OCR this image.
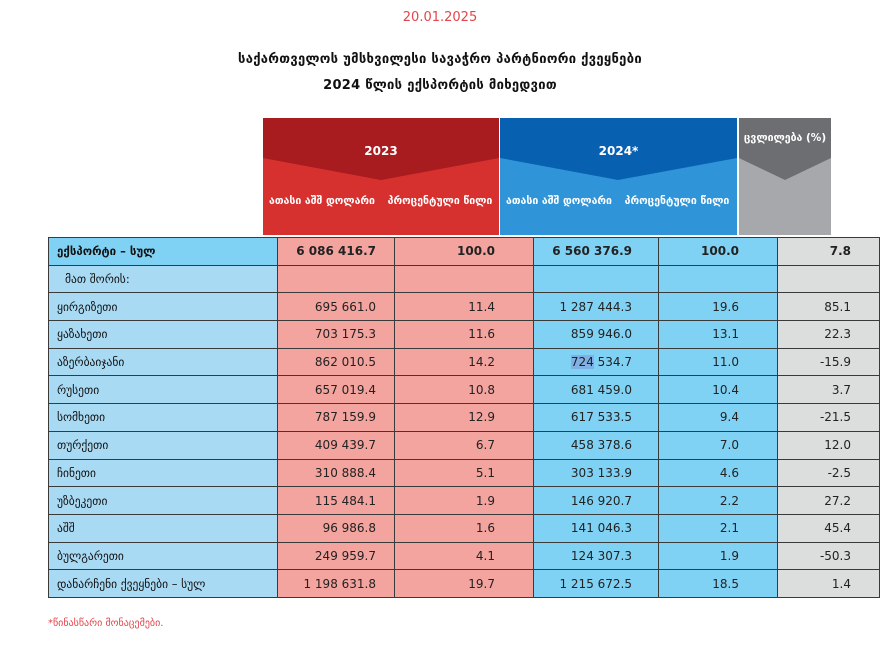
20.01.2025
საქართველოს უმსხვილესი სავაჭრო პარტნიორი ქვეყნები
2024 წლის ექსპორტის მიხედვით
2023
ათასი აშშ დოლარი	პროცენტული წილი
2024*
ათასი აშშ დოლარი	პროცენტული წილი
ცვლილება (%)
ექსპორტი – სულ	6 086 416.7	100.0	6 560 376.9	100.0	7.8
მათ შორის:					
ყირგიზეთი	695 661.0	11.4	1 287 444.3	19.6	85.1
ყაზახეთი	703 175.3	11.6	859 946.0	13.1	22.3
აზერბაიჯანი	862 010.5	14.2	724 534.7	11.0	-15.9
რუსეთი	657 019.4	10.8	681 459.0	10.4	3.7
სომხეთი	787 159.9	12.9	617 533.5	9.4	-21.5
თურქეთი	409 439.7	6.7	458 378.6	7.0	12.0
ჩინეთი	310 888.4	5.1	303 133.9	4.6	-2.5
უზბეკეთი	115 484.1	1.9	146 920.7	2.2	27.2
აშშ	96 986.8	1.6	141 046.3	2.1	45.4
ბულგარეთი	249 959.7	4.1	124 307.3	1.9	-50.3
დანარჩენი ქვეყნები – სულ	1 198 631.8	19.7	1 215 672.5	18.5	1.4
*წინასწარი მონაცემები.
